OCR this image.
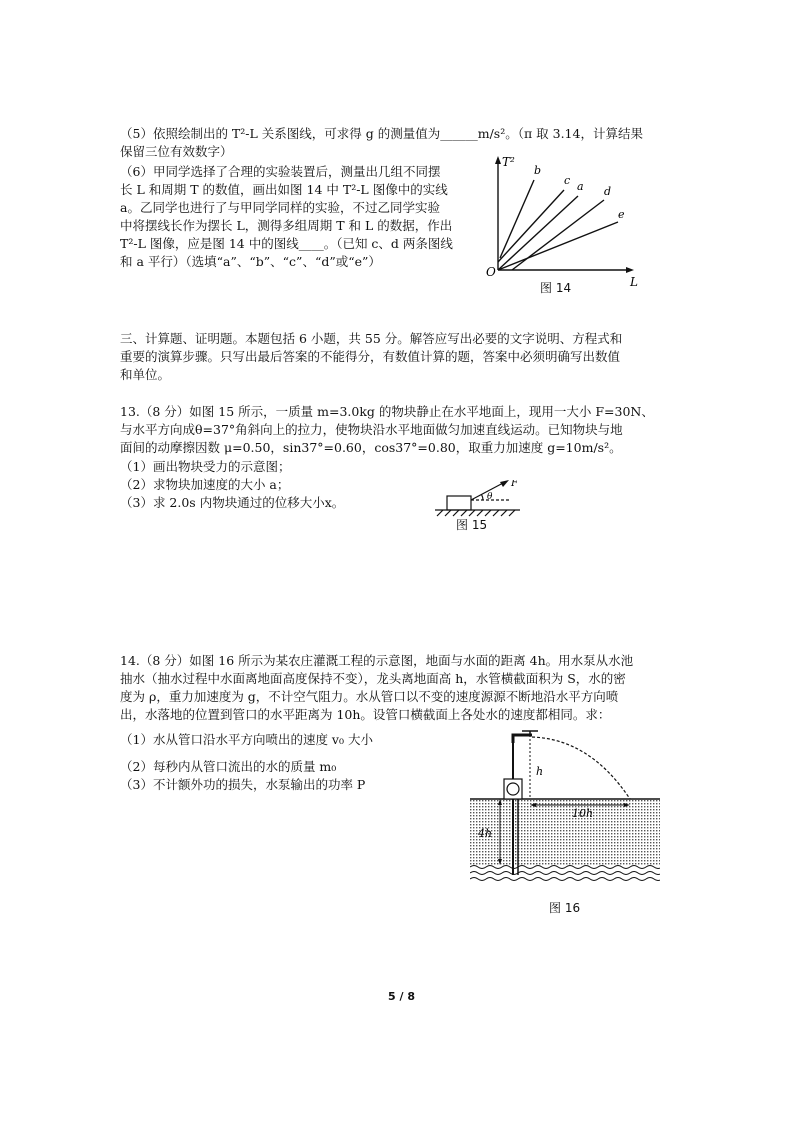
（5）依照绘制出的 T²-L 关系图线，可求得 g 的测量值为______m/s²。（π 取 3.14，计算结果
保留三位有效数字）
（6）甲同学选择了合理的实验装置后，测量出几组不同摆
长 L 和周期 T 的数值，画出如图 14 中 T²-L 图像中的实线
a。乙同学也进行了与甲同学同样的实验，不过乙同学实验
中将摆线长作为摆长 L，测得多组周期 T 和 L 的数据，作出
T²-L 图像，应是图 14 中的图线____。（已知 c、d 两条图线
和 a 平行）（选填“a”、“b”、“c”、“d”或“e”）
T²
O
L
b
c a d
e
图 14
三、计算题、证明题。本题包括 6 小题，共 55 分。解答应写出必要的文字说明、方程式和
重要的演算步骤。只写出最后答案的不能得分，有数值计算的题，答案中必须明确写出数值
和单位。
13.（8 分）如图 15 所示，一质量 m=3.0kg 的物块静止在水平地面上，现用一大小 F=30N、
与水平方向成θ=37°角斜向上的拉力，使物块沿水平地面做匀加速直线运动。已知物块与地
面间的动摩擦因数 μ=0.50，sin37°=0.60，cos37°=0.80，取重力加速度 g=10m/s²。
（1）画出物块受力的示意图；
（2）求物块加速度的大小 a；
（3）求 2.0s 内物块通过的位移大小x。
F
θ
图 15
14.（8 分）如图 16 所示为某农庄灌溉工程的示意图，地面与水面的距离 4h。用水泵从水池
抽水（抽水过程中水面离地面高度保持不变），龙头离地面高 h，水管横截面积为 S，水的密
度为 ρ，重力加速度为 g，不计空气阻力。水从管口以不变的速度源源不断地沿水平方向喷
出，水落地的位置到管口的水平距离为 10h。设管口横截面上各处水的速度都相同。求：
（1）水从管口沿水平方向喷出的速度 v₀ 大小
（2）每秒内从管口流出的水的质量 m₀
（3）不计额外功的损失，水泵输出的功率 P
h
10h
4h
图 16
5 / 8
